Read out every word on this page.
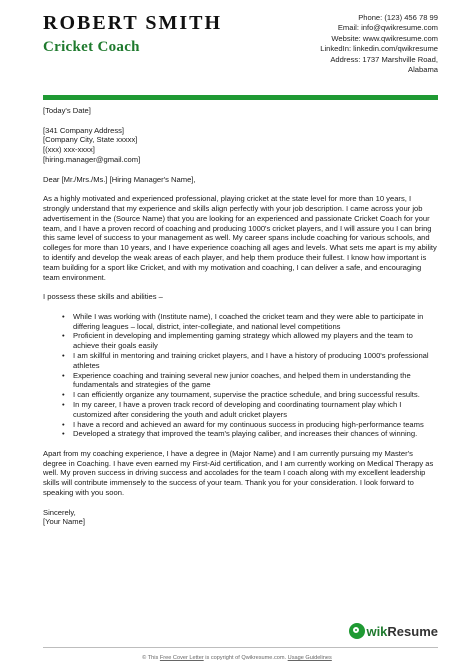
ROBERT SMITH
Cricket Coach
Phone: (123) 456 78 99
Email: info@qwikresume.com
Website: www.qwikresume.com
LinkedIn: linkedin.com/qwikresume
Address: 1737 Marshville Road,
Alabama

[Today's Date]

[341 Company Address]

[Company City, State xxxxx]

[(xxx) xxx-xxxx]

[hiring.manager@gmail.com]

Dear [Mr./Mrs./Ms.] [Hiring Manager's Name],

As a highly motivated and experienced professional, playing cricket at the state level for more than 10 years, I strongly understand that my experience and skills align perfectly with your job description. I came across your job advertisement in the (Source Name) that you are looking for an experienced and passionate Cricket Coach for your team, and I have a proven record of coaching and producing 1000's cricket players, and I will assure you I can bring this same level of success to your management as well. My career spans include coaching for various schools, and colleges for more than 10 years, and I have experience coaching all ages and levels. What sets me apart is my ability to identify and develop the weak areas of each player, and help them produce their fullest. I know how important is team building for a sport like Cricket, and with my motivation and coaching, I can deliver a safe, and encouraging team environment.

I possess these skills and abilities –

• While I was working with (Institute name), I coached the cricket team and they were able to participate in differing leagues – local, district, inter-collegiate, and national level competitions
• Proficient in developing and implementing gaming strategy which allowed my players and the team to achieve their goals easily
• I am skillful in mentoring and training cricket players, and I have a history of producing 1000's professional athletes
• Experience coaching and training several new junior coaches, and helped them in understanding the fundamentals and strategies of the game
• I can efficiently organize any tournament, supervise the practice schedule, and bring successful results.
• In my career, I have a proven track record of developing and coordinating tournament play which I customized after considering the youth and adult cricket players
• I have a record and achieved an award for my continuous success in producing high-performance teams
• Developed a strategy that improved the team's playing caliber, and increases their chances of winning.

Apart from my coaching experience, I have a degree in (Major Name) and I am currently pursuing my Master's degree in Coaching. I have even earned my First-Aid certification, and I am currently working on Medical Therapy as well. My proven success in driving success and accolades for the team I coach along with my excellent leadership skills will contribute immensely to the success of your team. Thank you for your consideration. I look forward to speaking with you soon.

Sincerely,

[Your Name]

wik Resume
© This Free Cover Letter is copyright of Qwikresume.com. Usage Guidelines
